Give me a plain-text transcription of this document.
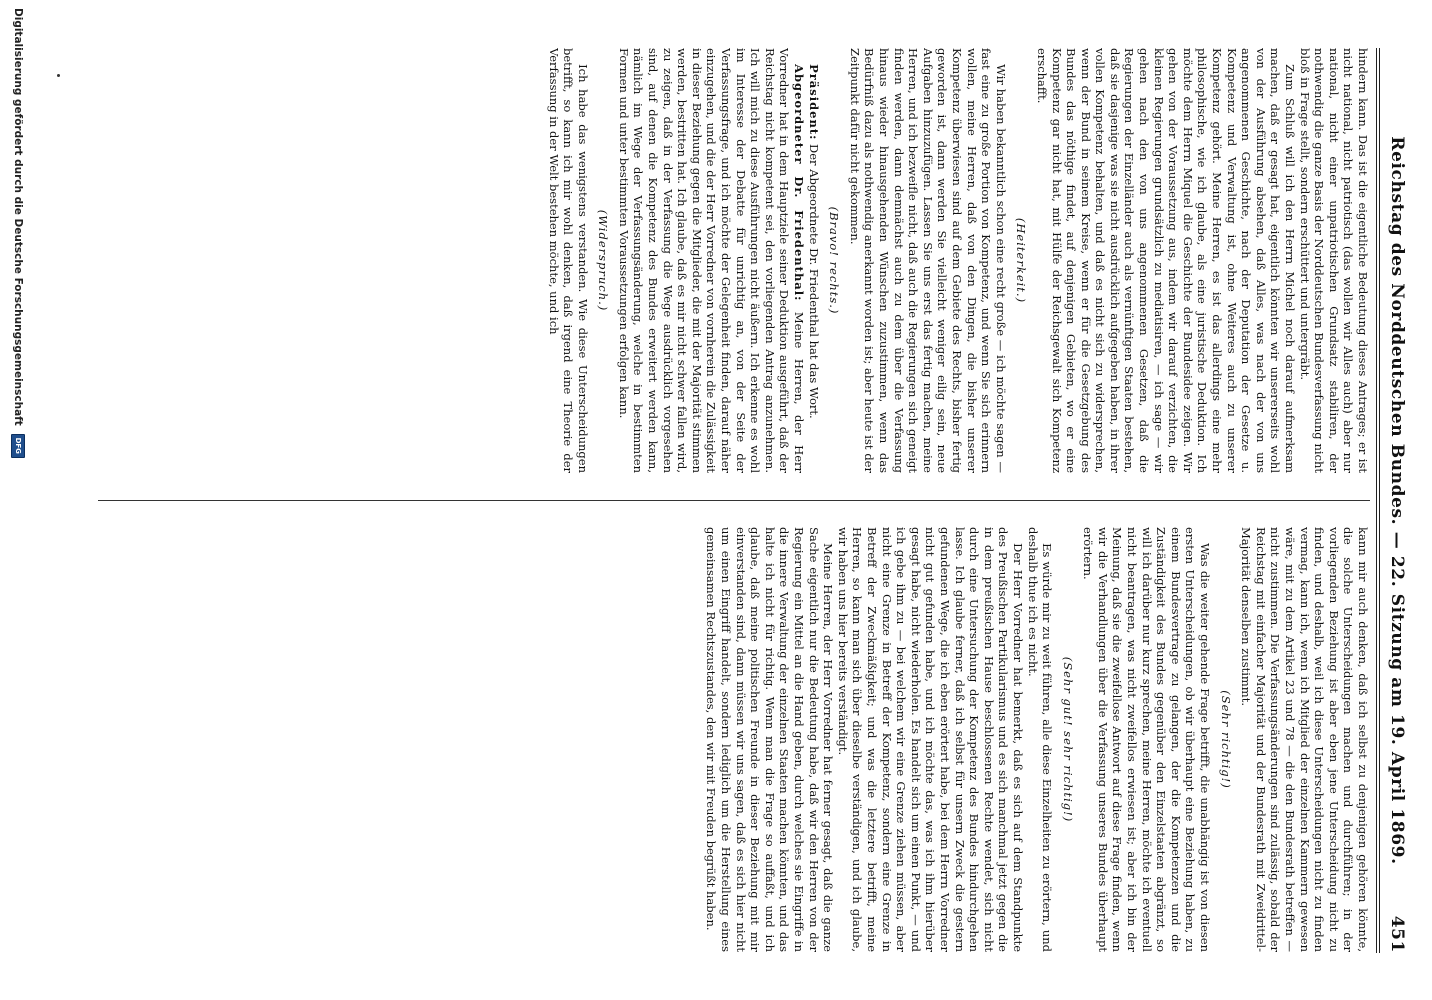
Reichstag des Norddeutschen Bundes. — 22. Sitzung am 19. April 1869.
451

hindern kann. Das ist die eigentliche Bedeutung dieses Antrages; er ist nicht national, nicht patriotisch (das wollen wir Alles auch) aber nur national, nicht einer unpatriotischen Grundsatz stabiliren, der nothwendig die ganze Basis der Norddeutschen Bundesverfassung nicht bloß in Frage stellt, sondern erschüttert und untergräbt.

Zum Schluß will ich den Herrn Michel noch darauf aufmerksam machen, daß er gesagt hat, eigentlich könnten wir unsererseits wohl von der Ausführung absehen, daß Alles, was nach der von uns angenommenen Geschichte, nach der Deputation der Gesetze u. Kompetenz und Verwaltung ist, ohne Weiteres auch zu unserer Kompetenz gehört. Meine Herren, es ist das allerdings eine mehr philosophische, wie ich glaube, als eine juristische Deduktion. Ich möchte dem Herrn Miquel die Geschichte der Bundesidee zeigen. Wir gehen von der Voraussetzung aus, indem wir darauf verzichten, die kleinen Regierungen grundsätzlich zu mediatisiren, — ich sage — wir gehen nach den von uns angenommenen Gesetzen, daß die Regierungen der Einzelländer auch als vernünftigen Staaten bestehen, daß sie dasjenige was sie nicht ausdrücklich aufgegeben haben, in ihrer vollen Kompetenz behalten, und daß es nicht sich zu widersprechen, wenn der Bund in seinem Kreise, wenn er für die Gesetzgebung des Bundes das nöthige findet, auf denjenigen Gebieten, wo er eine Kompetenz gar nicht hat, mit Hülfe der Reichsgewalt sich Kompetenz erschafft.

(Heiterkeit.)

Wir haben bekanntlich schon eine recht große — ich möchte sagen — fast eine zu große Portion von Kompetenz, und wenn Sie sich erinnern wollen, meine Herren, daß von den Dingen, die bisher unserer Kompetenz überwiesen sind auf dem Gebiete des Rechts, bisher fertig geworden ist, dann werden Sie vielleicht weniger eilig sein, neue Aufgaben hinzuzufügen. Lassen Sie uns erst das fertig machen, meine Herren, und ich bezweifle nicht, daß auch die Regierungen sich geneigt finden werden, dann demnächst auch zu dem über die Verfassung hinaus wieder hinausgehenden Wünschen zuzustimmen, wenn das Bedürfniß dazu als nothwendig anerkannt worden ist; aber heute ist der Zeitpunkt dafür nicht gekommen.

(Bravo! rechts.)

Präsident: Der Abgeordnete Dr. Friedenthal hat das Wort.

Abgeordneter Dr. Friedenthal: Meine Herren, der Herr Vorredner hat in dem Hauptziele seiner Deduktion ausgeführt, daß der Reichstag nicht kompetent sei, den vorliegenden Antrag anzunehmen. Ich will mich zu diese Ausführungen nicht äußern. Ich erkenne es wohl im Interesse der Debatte für unrichtig an, von der Seite der Verfassungsfrage, und ich möchte der Gelegenheit finden, darauf näher einzugehen, und die der Herr Vorredner von vornherein die Zulässigkeit in dieser Beziehung gegen die Mitglieder, die mit der Majorität stimmen werden, bestritten hat. Ich glaube, daß es mir nicht schwer fallen wird, zu zeigen, daß in der Verfassung die Wege ausdrücklich vorgesehen sind, auf denen die Kompetenz des Bundes erweitert werden kann, nämlich im Wege der Verfassungsänderung, welche in bestimmten Formen und unter bestimmten Voraussetzungen erfolgen kann.

(Widerspruch.)

Ich habe das wenigstens verstanden. Wie diese Unterscheidungen betrifft, so kann ich mir wohl denken, daß irgend eine Theorie der Verfassung in der Welt bestehen möchte, und ich

kann mir auch denken, daß ich selbst zu denjenigen gehören könnte, die solche Unterscheidungen machen und durchführen; in der vorliegenden Beziehung ist aber eben jene Unterscheidung nicht zu finden, und deshalb, weil ich diese Unterscheidungen nicht zu finden vermag, kann ich, wenn ich Mitglied der einzelnen Kammern gewesen wäre, mit zu dem Artikel 23 und 78 — die den Bundesrath betreffen — nicht zustimmen. Die Verfassungsänderungen sind zulässig, sobald der Reichstag mit einfacher Majorität und der Bundesrath mit Zweidrittel-Majorität denselben zustimmt.

(Sehr richtig!)

Was die weiter gehende Frage betrifft, die unabhängig ist von diesen ersten Unterscheidungen, ob wir überhaupt eine Beziehung haben, zu einem Bundesvertrage zu gelangen, der die Kompetenzen und die Zuständigkeit des Bundes gegenüber den Einzelstaaten abgränzt, so will ich darüber nur kurz sprechen, meine Herren, möchte ich eventuell nicht beantragen, was nicht zweifellos erwiesen ist; aber ich bin der Meinung, daß sie die zweifellose Antwort auf diese Frage finden, wenn wir die Verhandlungen über die Verfassung unseres Bundes überhaupt erörtern.

(Sehr gut! sehr richtig!)

Es würde mir zu weit führen, alle diese Einzelheiten zu erörtern, und deshalb thue ich es nicht.

Der Herr Vorredner hat bemerkt, daß es sich auf dem Standpunkte des Preußischen Partikularismus und es sich manchmal jetzt gegen die in dem preußischen Hause beschlossenen Rechte wendet, sich nicht durch eine Untersuchung der Kompetenz des Bundes hindurchgehen lasse. Ich glaube ferner, daß ich selbst für unsern Zweck die gestern gefundenen Wege, die ich eben erörtert habe, bei dem Herrn Vorredner nicht gut gefunden habe, und ich möchte das, was ich ihm hierüber gesagt habe, nicht wiederholen. Es handelt sich um einen Punkt, — und ich gebe ihm zu — bei welchem wir eine Grenze ziehen müssen, aber nicht eine Grenze in Betreff der Kompetenz, sondern eine Grenze in Betreff der Zweckmäßigkeit; und was die letztere betrifft, meine Herren, so kann man sich über dieselbe verständigen, und ich glaube, wir haben uns hier bereits verständigt.

Meine Herren, der Herr Vorredner hat ferner gesagt, daß die ganze Sache eigentlich nur die Bedeutung habe, daß wir den Herren von der Regierung ein Mittel an die Hand geben, durch welches sie Eingriffe in die innere Verwaltung der einzelnen Staaten machen könnten, und das halte ich nicht für richtig. Wenn man die Frage so auffaßt, und ich glaube, daß meine politischen Freunde in dieser Beziehung mit mir einverstanden sind, dann müssen wir uns sagen, daß es sich hier nicht um einen Eingriff handelt, sondern lediglich um die Herstellung eines gemeinsamen Rechtszustandes, den wir mit Freuden begrüßt haben.

Digitalisierung gefördert durch die Deutsche Forschungsgemeinschaft
DFG
